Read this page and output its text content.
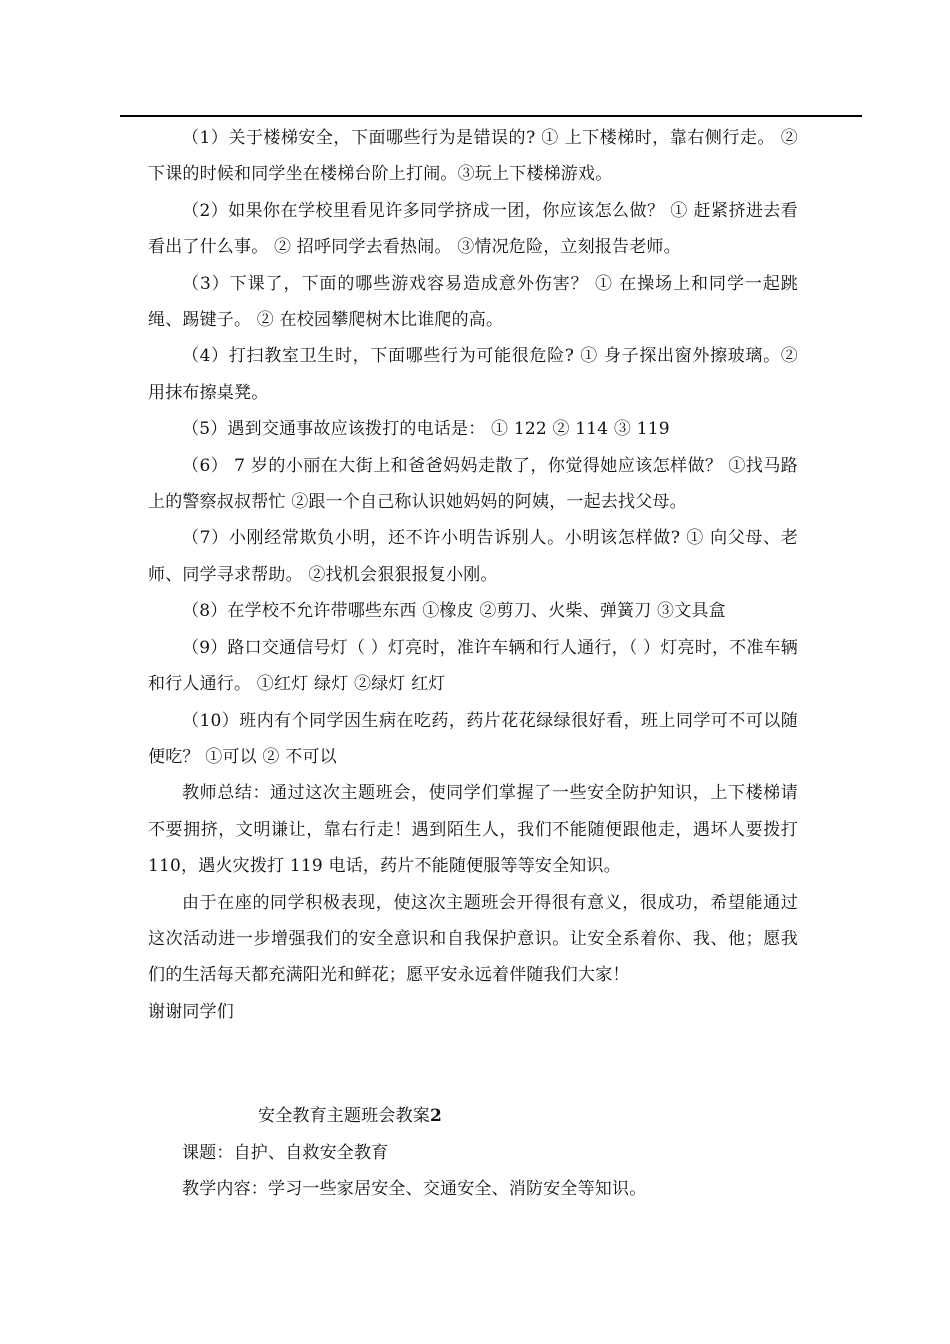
（1）关于楼梯安全，下面哪些行为是错误的? ① 上下楼梯时，靠右侧行走。 ②下课的时候和同学坐在楼梯台阶上打闹。③玩上下楼梯游戏。

（2）如果你在学校里看见许多同学挤成一团，你应该怎么做？ ① 赶紧挤进去看看出了什么事。 ② 招呼同学去看热闹。 ③情况危险，立刻报告老师。

（3）下课了，下面的哪些游戏容易造成意外伤害？ ① 在操场上和同学一起跳绳、踢键子。 ② 在校园攀爬树木比谁爬的高。

（4）打扫教室卫生时，下面哪些行为可能很危险? ① 身子探出窗外擦玻璃。②用抹布擦桌凳。

（5）遇到交通事故应该拨打的电话是： ① 122 ② 114 ③ 119

（6） 7 岁的小丽在大街上和爸爸妈妈走散了，你觉得她应该怎样做？ ①找马路上的警察叔叔帮忙 ②跟一个自己称认识她妈妈的阿姨，一起去找父母。

（7）小刚经常欺负小明，还不许小明告诉别人。小明该怎样做? ① 向父母、老师、同学寻求帮助。 ②找机会狠狠报复小刚。

（8）在学校不允许带哪些东西 ①橡皮 ②剪刀、火柴、弹簧刀 ③文具盒

（9）路口交通信号灯（ ）灯亮时，准许车辆和行人通行，（ ）灯亮时，不准车辆和行人通行。 ①红灯 绿灯 ②绿灯 红灯

（10）班内有个同学因生病在吃药，药片花花绿绿很好看，班上同学可不可以随便吃？ ①可以 ② 不可以

教师总结：通过这次主题班会，使同学们掌握了一些安全防护知识，上下楼梯请不要拥挤，文明谦让，靠右行走！遇到陌生人，我们不能随便跟他走，遇坏人要拨打 110，遇火灾拨打 119 电话，药片不能随便服等等安全知识。

由于在座的同学积极表现，使这次主题班会开得很有意义，很成功，希望能通过这次活动进一步增强我们的安全意识和自我保护意识。让安全系着你、我、他；愿我们的生活每天都充满阳光和鲜花；愿平安永远着伴随我们大家！

谢谢同学们

安全教育主题班会教案2

课题：自护、自救安全教育

教学内容：学习一些家居安全、交通安全、消防安全等知识。
